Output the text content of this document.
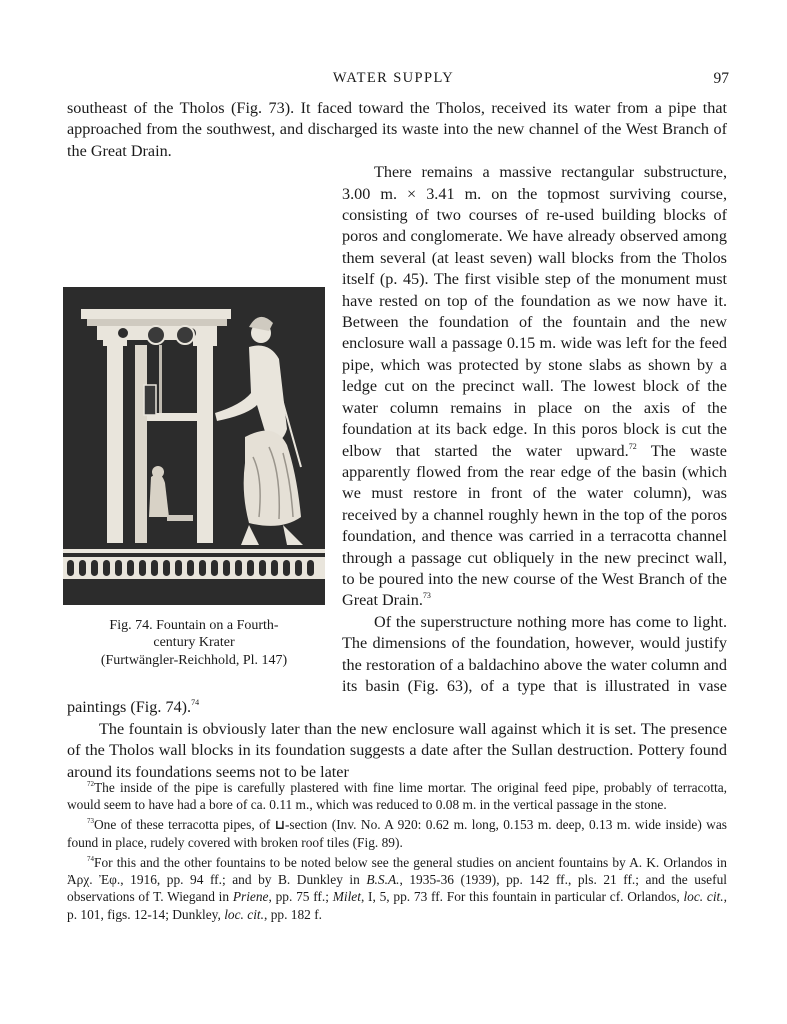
WATER SUPPLY	97

southeast of the Tholos (Fig. 73). It faced toward the Tholos, received its water from a pipe that approached from the southwest, and discharged its waste into the new channel of the West Branch of the Great Drain.

There remains a massive rectangular substructure, 3.00 m. × 3.41 m. on the topmost surviving course, consisting of two courses of re-used building blocks of poros and conglomerate. We have already observed among them several (at least seven) wall blocks from the Tholos itself (p. 45). The first visible step of the monument must have rested on top of the foundation as we now have it. Between the foundation of the fountain and the new enclosure wall a passage 0.15 m. wide was left for the feed pipe, which was protected by stone slabs as shown by a ledge cut on the precinct wall. The lowest block of the water column remains in place on the axis of the foundation at its back edge. In this poros block is cut the elbow that started the water upward.$^{72}$ The waste apparently flowed from the rear edge of the basin (which we must restore in front of the water column), was received by a channel roughly hewn in the top of the poros foundation, and thence was carried in a terracotta channel through a passage cut obliquely in the new precinct wall, to be poured into the new course of the West Branch of the Great Drain.$^{73}$

Of the superstructure nothing more has come to light. The dimensions of the foundation, however, would justify the restoration of a baldachino above the water column and its basin (Fig. 63), of a type that is illustrated in vase paintings (Fig. 74).$^{74}$

The fountain is obviously later than the new enclosure wall against which it is set. The presence of the Tholos wall blocks in its foundation suggests a date after the Sullan destruction. Pottery found around its foundations seems not to be later

Fig. 74. Fountain on a Fourth-
century Krater
(Furtwängler-Reichhold, Pl. 147)

$^{72}$The inside of the pipe is carefully plastered with fine lime mortar. The original feed pipe, probably of terracotta, would seem to have had a bore of ca. 0.11 m., which was reduced to 0.08 m. in the vertical passage in the stone.

$^{73}$One of these terracotta pipes, of ⊔-section (Inv. No. A 920: 0.62 m. long, 0.153 m. deep, 0.13 m. wide inside) was found in place, rudely covered with broken roof tiles (Fig. 89).

$^{74}$For this and the other fountains to be noted below see the general studies on ancient fountains by A. K. Orlandos in Ἀρχ. Ἐφ., 1916, pp. 94 ff.; and by B. Dunkley in B.S.A., 1935-36 (1939), pp. 142 ff., pls. 21 ff.; and the useful observations of T. Wiegand in Priene, pp. 75 ff.; Milet, I, 5, pp. 73 ff. For this fountain in particular cf. Orlandos, loc. cit., p. 101, figs. 12-14; Dunkley, loc. cit., pp. 182 f.
